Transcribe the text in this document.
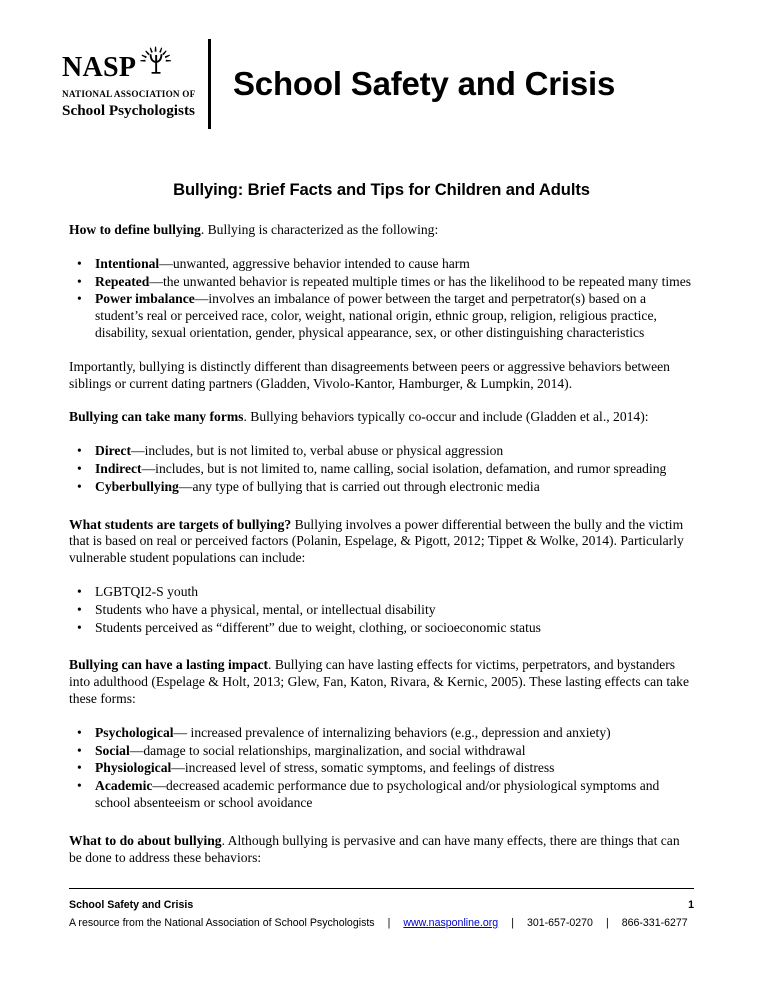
NASP
NATIONAL ASSOCIATION OF
School Psychologists
School Safety and Crisis
Bullying: Brief Facts and Tips for Children and Adults

How to define bullying. Bullying is characterized as the following:

• Intentional—unwanted, aggressive behavior intended to cause harm
• Repeated—the unwanted behavior is repeated multiple times or has the likelihood to be repeated many times
• Power imbalance—involves an imbalance of power between the target and perpetrator(s) based on a student’s real or perceived race, color, weight, national origin, ethnic group, religion, religious practice, disability, sexual orientation, gender, physical appearance, sex, or other distinguishing characteristics

Importantly, bullying is distinctly different than disagreements between peers or aggressive behaviors between siblings or current dating partners (Gladden, Vivolo-Kantor, Hamburger, & Lumpkin, 2014).

Bullying can take many forms. Bullying behaviors typically co-occur and include (Gladden et al., 2014):

• Direct—includes, but is not limited to, verbal abuse or physical aggression
• Indirect—includes, but is not limited to, name calling, social isolation, defamation, and rumor spreading
• Cyberbullying—any type of bullying that is carried out through electronic media

What students are targets of bullying? Bullying involves a power differential between the bully and the victim that is based on real or perceived factors (Polanin, Espelage, & Pigott, 2012; Tippet & Wolke, 2014). Particularly vulnerable student populations can include:

• LGBTQI2-S youth
• Students who have a physical, mental, or intellectual disability
• Students perceived as “different” due to weight, clothing, or socioeconomic status

Bullying can have a lasting impact. Bullying can have lasting effects for victims, perpetrators, and bystanders into adulthood (Espelage & Holt, 2013; Glew, Fan, Katon, Rivara, & Kernic, 2005). These lasting effects can take these forms:

• Psychological— increased prevalence of internalizing behaviors (e.g., depression and anxiety)
• Social—damage to social relationships, marginalization, and social withdrawal
• Physiological—increased level of stress, somatic symptoms, and feelings of distress
• Academic—decreased academic performance due to psychological and/or physiological symptoms and school absenteeism or school avoidance

What to do about bullying. Although bullying is pervasive and can have many effects, there are things that can be done to address these behaviors:

School Safety and Crisis	1
A resource from the National Association of School Psychologists | www.nasponline.org | 301-657-0270 | 866-331-6277
